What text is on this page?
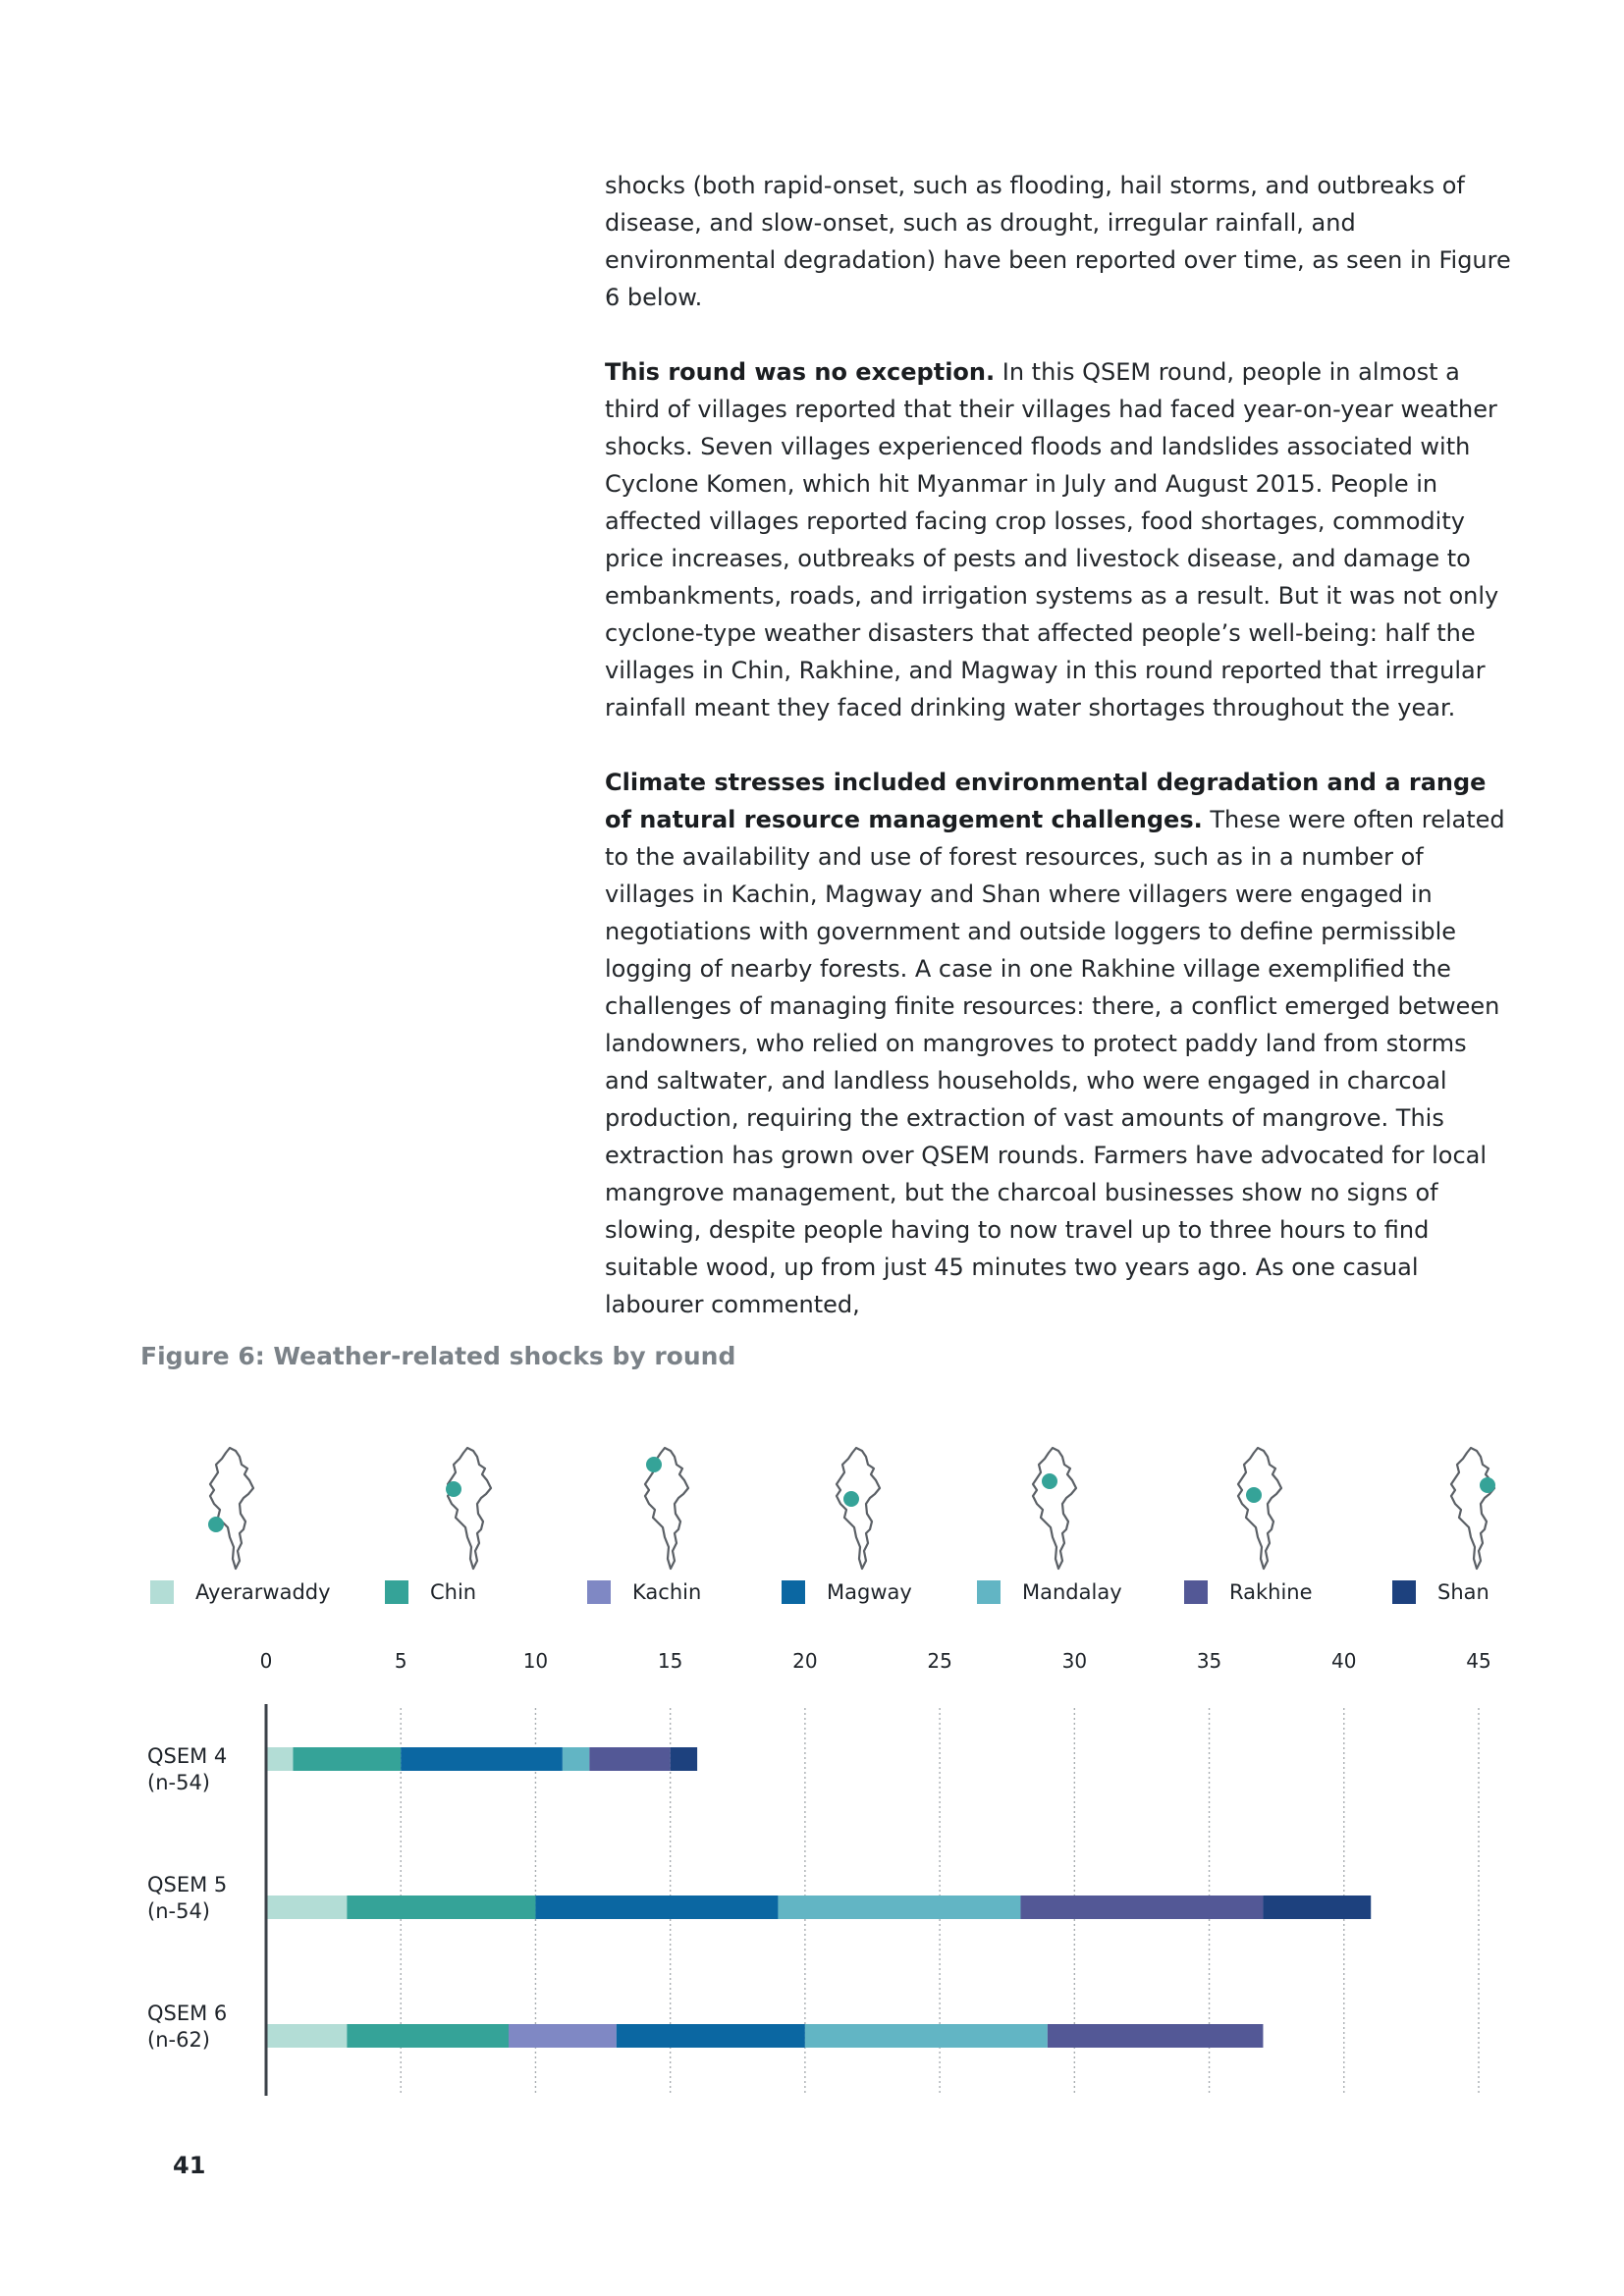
shocks (both rapid-onset, such as flooding, hail storms, and outbreaks of disease, and slow-onset, such as drought, irregular rainfall, and environmental degradation) have been reported over time, as seen in Figure 6 below.

This round was no exception. In this QSEM round, people in almost a third of villages reported that their villages had faced year-on-year weather shocks. Seven villages experienced floods and landslides associated with Cyclone Komen, which hit Myanmar in July and August 2015. People in affected villages reported facing crop losses, food shortages, commodity price increases, outbreaks of pests and livestock disease, and damage to embankments, roads, and irrigation systems as a result. But it was not only cyclone-type weather disasters that affected people’s well-being: half the villages in Chin, Rakhine, and Magway in this round reported that irregular rainfall meant they faced drinking water shortages throughout the year.

Climate stresses included environmental degradation and a range of natural resource management challenges. These were often related to the availability and use of forest resources, such as in a number of villages in Kachin, Magway and Shan where villagers were engaged in negotiations with government and outside loggers to define permissible logging of nearby forests. A case in one Rakhine village exemplified the challenges of managing finite resources: there, a conflict emerged between landowners, who relied on mangroves to protect paddy land from storms and saltwater, and landless households, who were engaged in charcoal production, requiring the extraction of vast amounts of mangrove. This extraction has grown over QSEM rounds. Farmers have advocated for local mangrove management, but the charcoal businesses show no signs of slowing, despite people having to now travel up to three hours to find suitable wood, up from just 45 minutes two years ago. As one casual labourer commented,

Figure 6: Weather-related shocks by round
Ayerarwaddy	Chin	Kachin	Magway	Mandalay	Rakhine	Shan
0	5	10	15	20	25	30	35	40	45
QSEM 4
(n-54)
QSEM 5
(n-54)
QSEM 6
(n-62)
41
